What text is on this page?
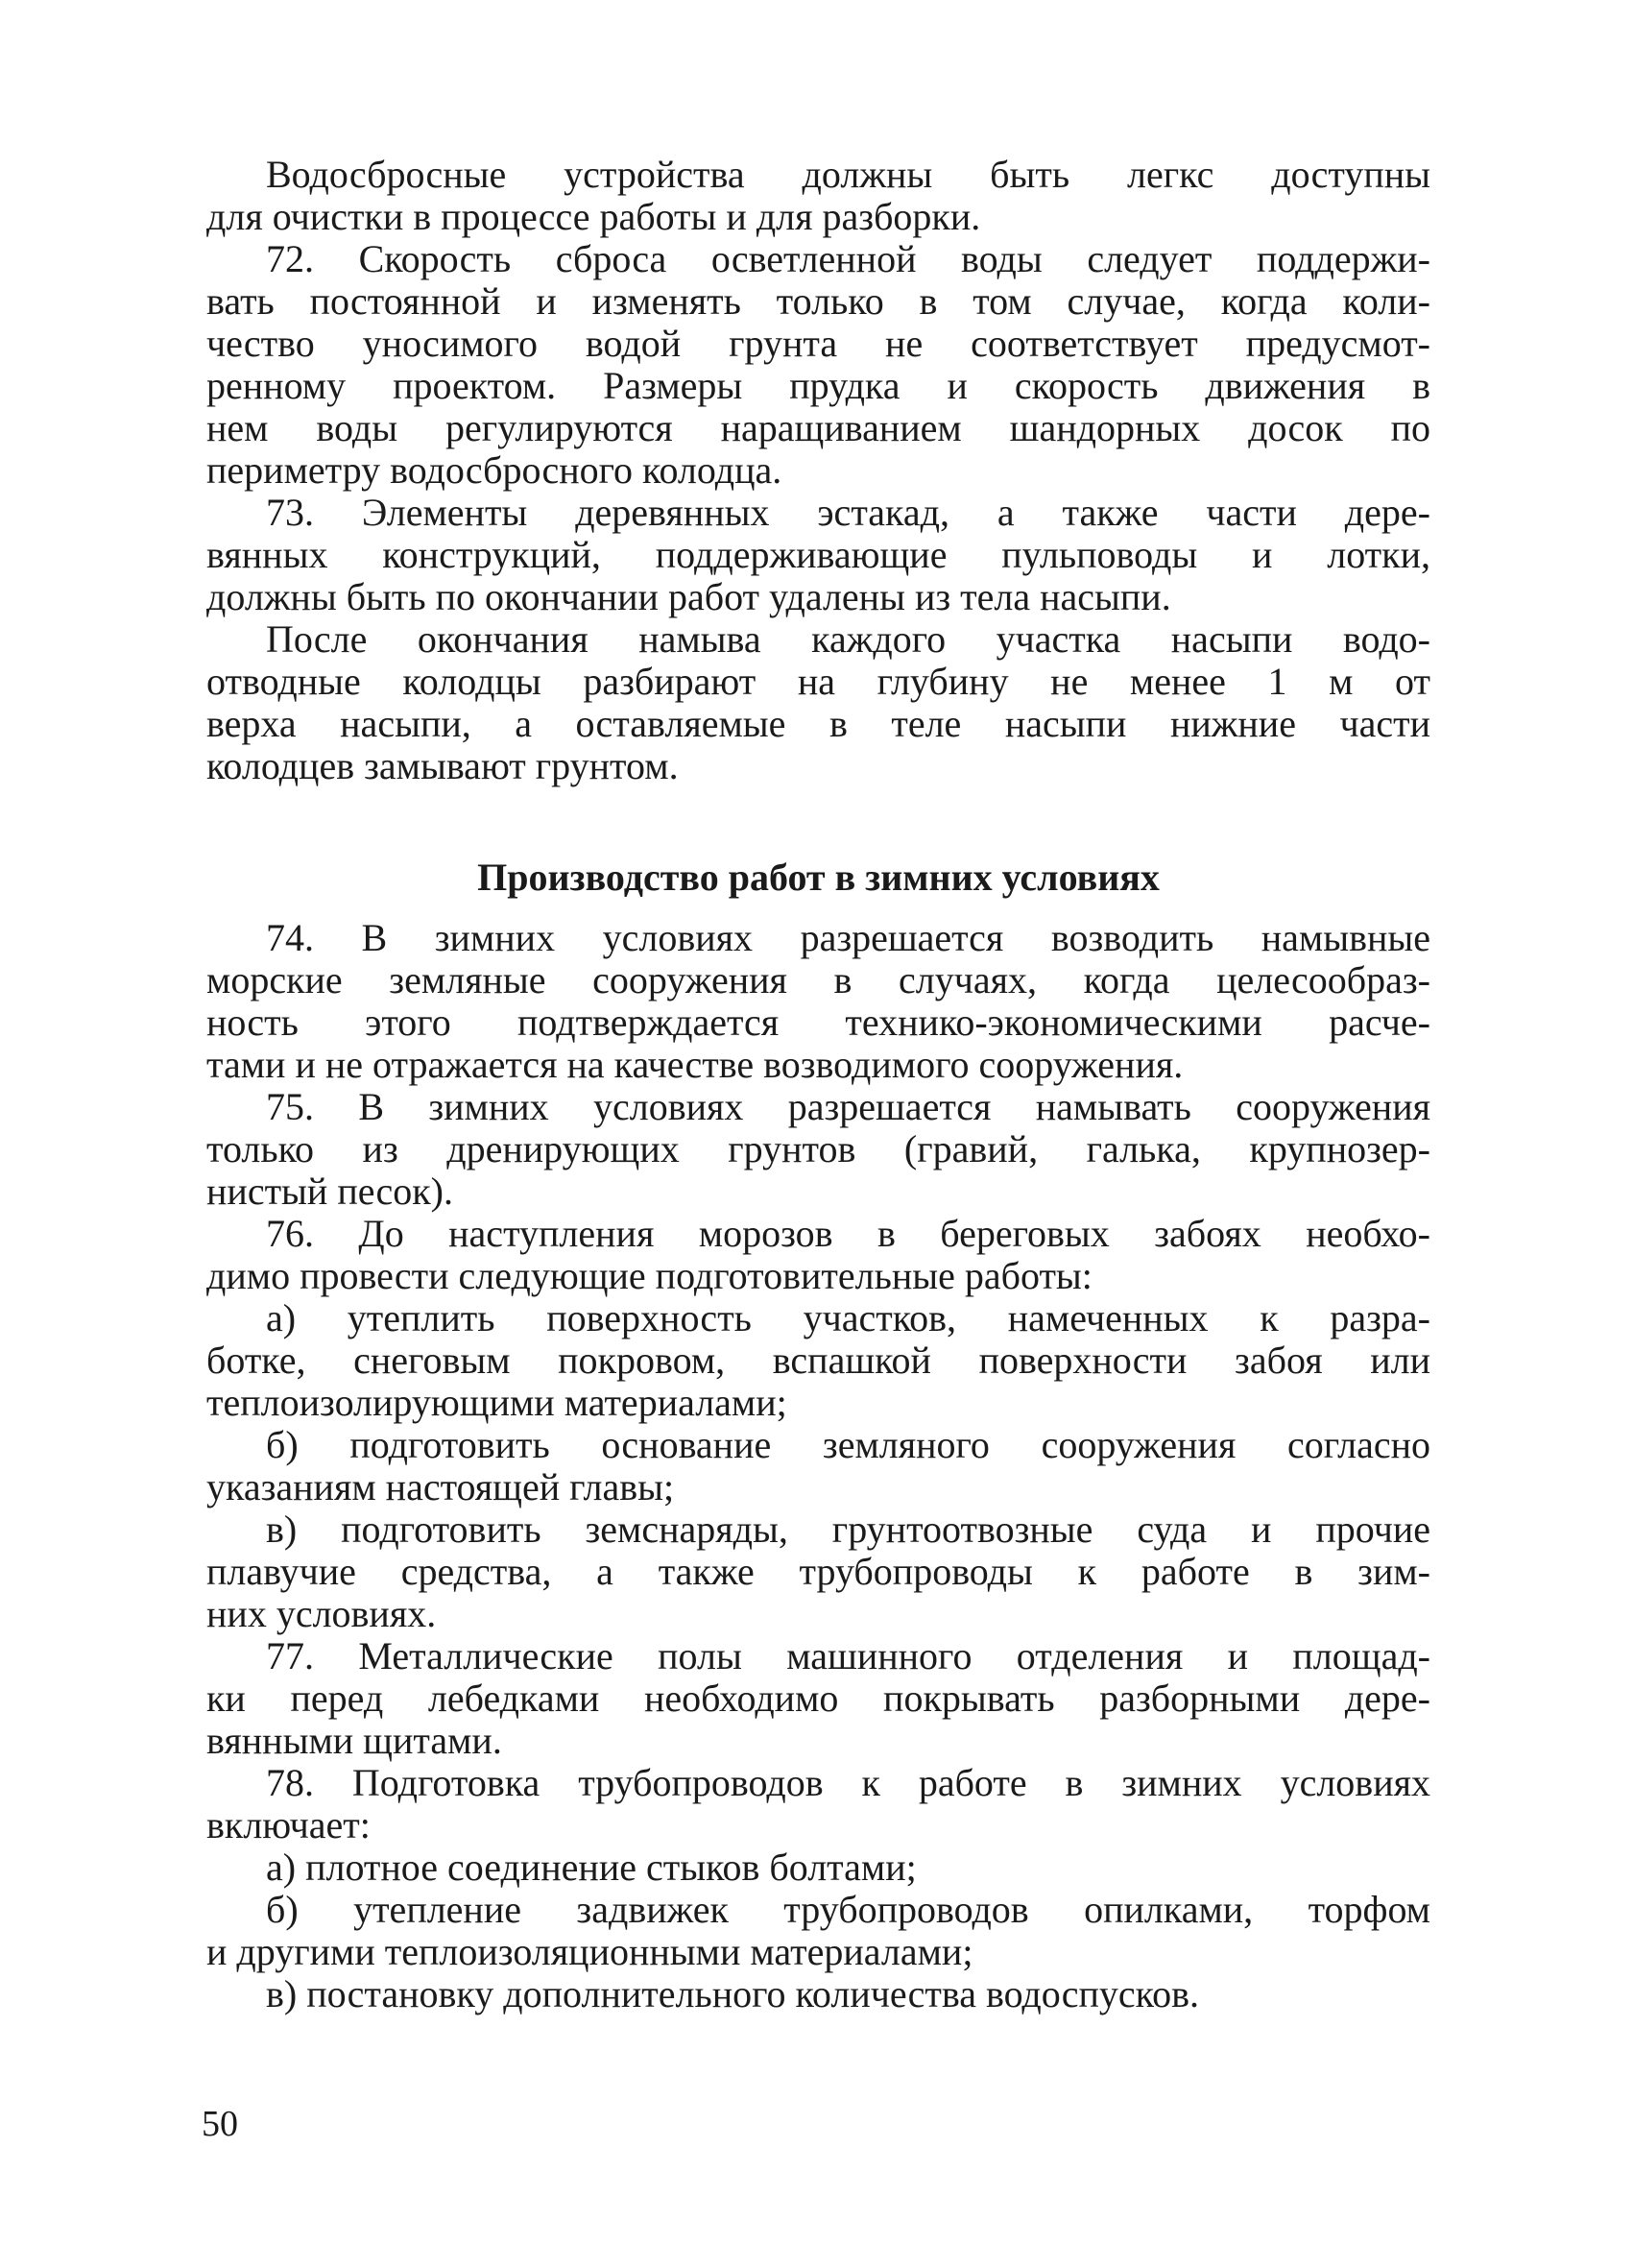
Водосбросные устройства должны быть легкс доступны
для очистки в процессе работы и для разборки.
72. Скорость сброса осветленной воды следует поддержи-
вать постоянной и изменять только в том случае, когда коли-
чество уносимого водой грунта не соответствует предусмот-
ренному проектом. Размеры прудка и скорость движения в
нем воды регулируются наращиванием шандорных досок по
периметру водосбросного колодца.
73. Элементы деревянных эстакад, а также части дере-
вянных конструкций, поддерживающие пульповоды и лотки,
должны быть по окончании работ удалены из тела насыпи.
После окончания намыва каждого участка насыпи водо-
отводные колодцы разбирают на глубину не менее 1 м от
верха насыпи, а оставляемые в теле насыпи нижние части
колодцев замывают грунтом.
Производство работ в зимних условиях
74. В зимних условиях разрешается возводить намывные
морские земляные сооружения в случаях, когда целесообраз-
ность этого подтверждается технико-экономическими расче-
тами и не отражается на качестве возводимого сооружения.
75. В зимних условиях разрешается намывать сооружения
только из дренирующих грунтов (гравий, галька, крупнозер-
нистый песок).
76. До наступления морозов в береговых забоях необхо-
димо провести следующие подготовительные работы:
а) утеплить поверхность участков, намеченных к разра-
ботке, снеговым покровом, вспашкой поверхности забоя или
теплоизолирующими материалами;
б) подготовить основание земляного сооружения согласно
указаниям настоящей главы;
в) подготовить земснаряды, грунтоотвозные суда и прочие
плавучие средства, а также трубопроводы к работе в зим-
них условиях.
77. Металлические полы машинного отделения и площад-
ки перед лебедками необходимо покрывать разборными дере-
вянными щитами.
78. Подготовка трубопроводов к работе в зимних условиях
включает:
а) плотное соединение стыков болтами;
б) утепление задвижек трубопроводов опилками, торфом
и другими теплоизоляционными материалами;
в) постановку дополнительного количества водоспусков.
50
